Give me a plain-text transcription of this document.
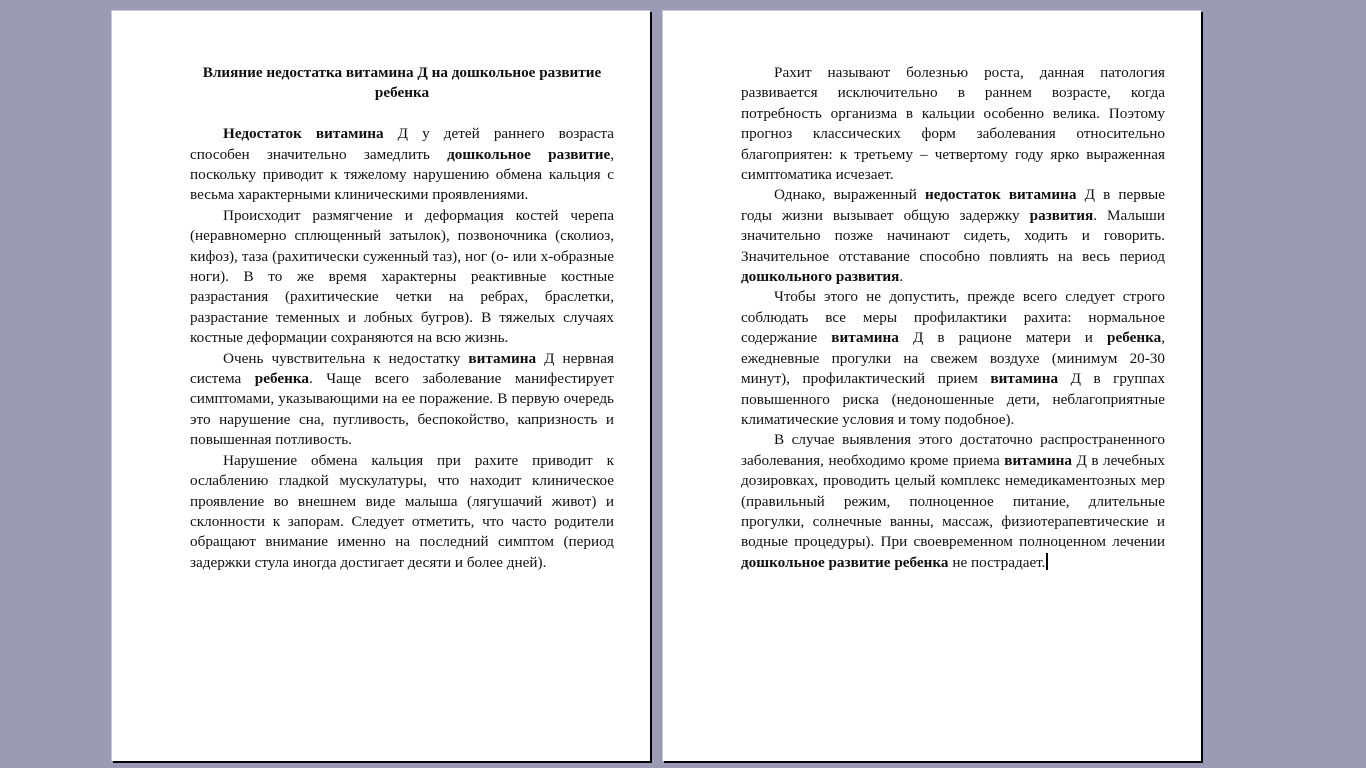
Влияние недостатка витамина Д на дошкольное развитие ребенка

Недостаток витамина Д у детей раннего возраста способен значительно замедлить дошкольное развитие, поскольку приводит к тяжелому нарушению обмена кальция с весьма характерными клиническими проявлениями.

Происходит размягчение и деформация костей черепа (неравномерно сплющенный затылок), позвоночника (сколиоз, кифоз), таза (рахитически суженный таз), ног (о- или х-образные ноги). В то же время характерны реактивные костные разрастания (рахитические четки на ребрах, браслетки, разрастание теменных и лобных бугров). В тяжелых случаях костные деформации сохраняются на всю жизнь.

Очень чувствительна к недостатку витамина Д нервная система ребенка. Чаще всего заболевание манифестирует симптомами, указывающими на ее поражение. В первую очередь это нарушение сна, пугливость, беспокойство, капризность и повышенная потливость.

Нарушение обмена кальция при рахите приводит к ослаблению гладкой мускулатуры, что находит клиническое проявление во внешнем виде малыша (лягушачий живот) и склонности к запорам. Следует отметить, что часто родители обращают внимание именно на последний симптом (период задержки стула иногда достигает десяти и более дней).

Рахит называют болезнью роста, данная патология развивается исключительно в раннем возрасте, когда потребность организма в кальции особенно велика. Поэтому прогноз классических форм заболевания относительно благоприятен: к третьему – четвертому году ярко выраженная симптоматика исчезает.

Однако, выраженный недостаток витамина Д в первые годы жизни вызывает общую задержку развития. Малыши значительно позже начинают сидеть, ходить и говорить. Значительное отставание способно повлиять на весь период дошкольного развития.

Чтобы этого не допустить, прежде всего следует строго соблюдать все меры профилактики рахита: нормальное содержание витамина Д в рационе матери и ребенка, ежедневные прогулки на свежем воздухе (минимум 20-30 минут), профилактический прием витамина Д в группах повышенного риска (недоношенные дети, неблагоприятные климатические условия и тому подобное).

В случае выявления этого достаточно распространенного заболевания, необходимо кроме приема витамина Д в лечебных дозировках, проводить целый комплекс немедикаментозных мер (правильный режим, полноценное питание, длительные прогулки, солнечные ванны, массаж, физиотерапевтические и водные процедуры). При своевременном полноценном лечении дошкольное развитие ребенка не пострадает.
